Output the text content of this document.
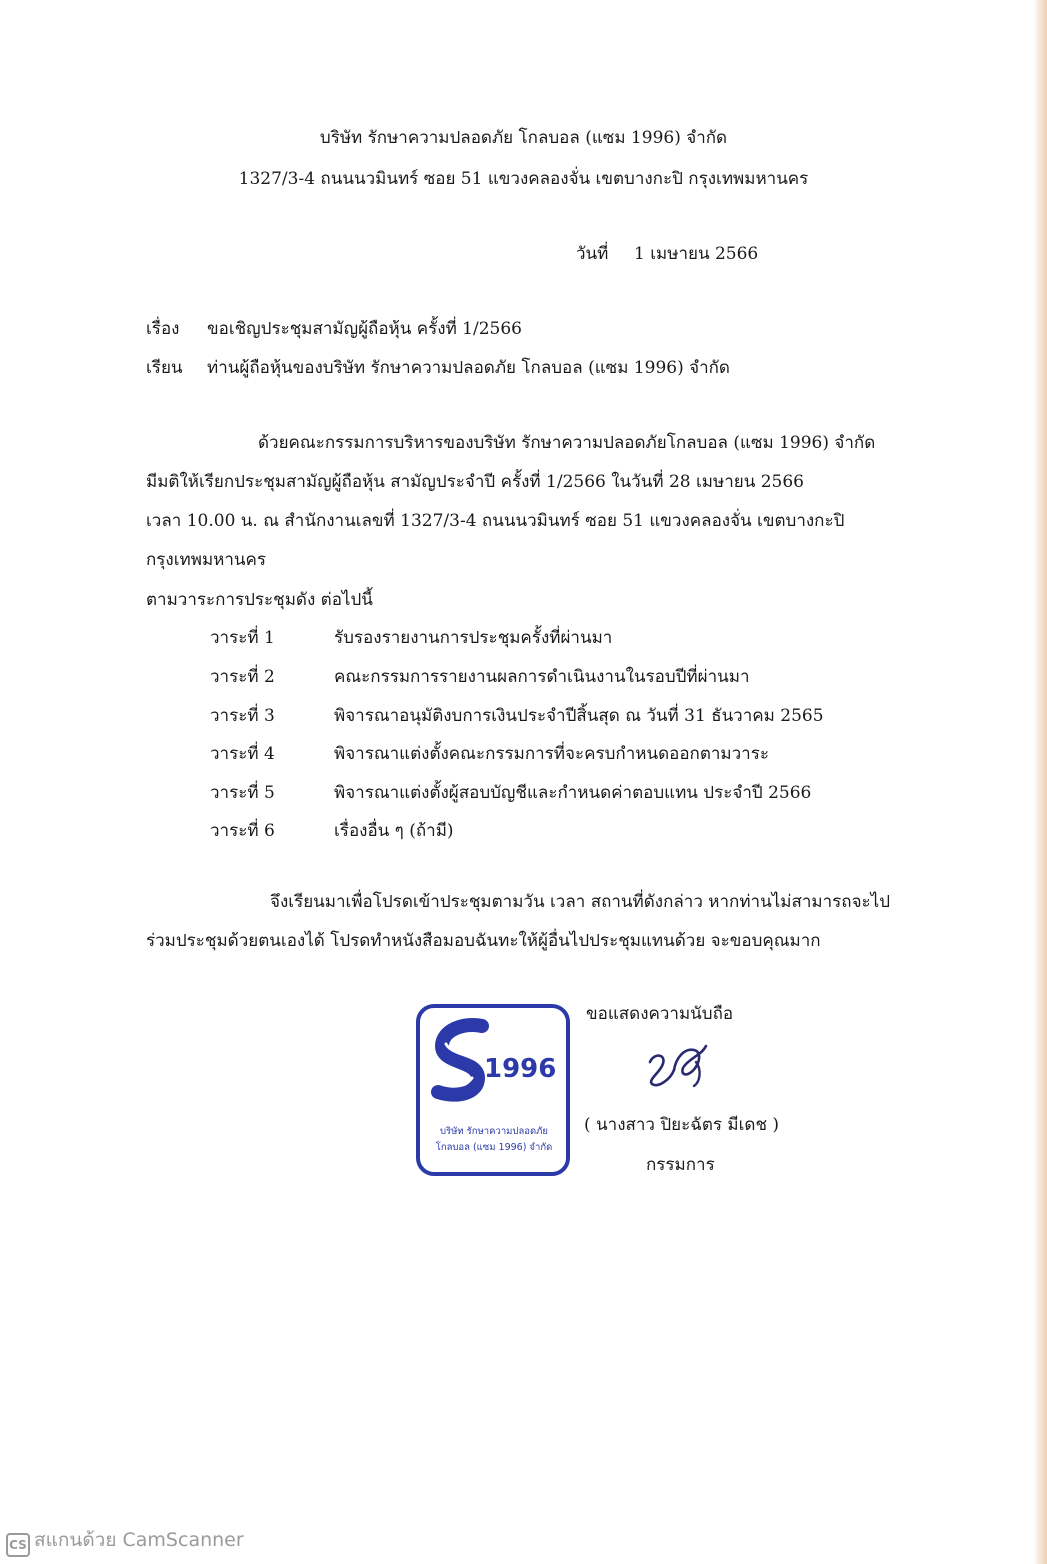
บริษัท รักษาความปลอดภัย โกลบอล (แซม 1996) จำกัด
1327/3-4 ถนนนวมินทร์ ซอย 51 แขวงคลองจั่น เขตบางกะปิ กรุงเทพมหานคร
วันที่ 1 เมษายน 2566
เรื่อง ขอเชิญประชุมสามัญผู้ถือหุ้น ครั้งที่ 1/2566
เรียน ท่านผู้ถือหุ้นของบริษัท รักษาความปลอดภัย โกลบอล (แซม 1996) จำกัด
ด้วยคณะกรรมการบริหารของบริษัท รักษาความปลอดภัยโกลบอล (แซม 1996) จำกัด
มีมติให้เรียกประชุมสามัญผู้ถือหุ้น สามัญประจำปี ครั้งที่ 1/2566 ในวันที่ 28 เมษายน 2566
เวลา 10.00 น. ณ สำนักงานเลขที่ 1327/3-4 ถนนนวมินทร์ ซอย 51 แขวงคลองจั่น เขตบางกะปิ
กรุงเทพมหานคร
ตามวาระการประชุมดัง ต่อไปนี้
วาระที่ 1	รับรองรายงานการประชุมครั้งที่ผ่านมา
วาระที่ 2	คณะกรรมการรายงานผลการดำเนินงานในรอบปีที่ผ่านมา
วาระที่ 3	พิจารณาอนุมัติงบการเงินประจำปีสิ้นสุด ณ วันที่ 31 ธันวาคม 2565
วาระที่ 4	พิจารณาแต่งตั้งคณะกรรมการที่จะครบกำหนดออกตามวาระ
วาระที่ 5	พิจารณาแต่งตั้งผู้สอบบัญชีและกำหนดค่าตอบแทน ประจำปี 2566
วาระที่ 6	เรื่องอื่น ๆ (ถ้ามี)
จึงเรียนมาเพื่อโปรดเข้าประชุมตามวัน เวลา สถานที่ดังกล่าว หากท่านไม่สามารถจะไป
ร่วมประชุมด้วยตนเองได้ โปรดทำหนังสือมอบฉันทะให้ผู้อื่นไปประชุมแทนด้วย จะขอบคุณมาก
ขอแสดงความนับถือ
( นางสาว ปิยะฉัตร มีเดช )
กรรมการ
1996
บริษัท รักษาความปลอดภัย
โกลบอล (แซม 1996) จำกัด
CS สแกนด้วย CamScanner
